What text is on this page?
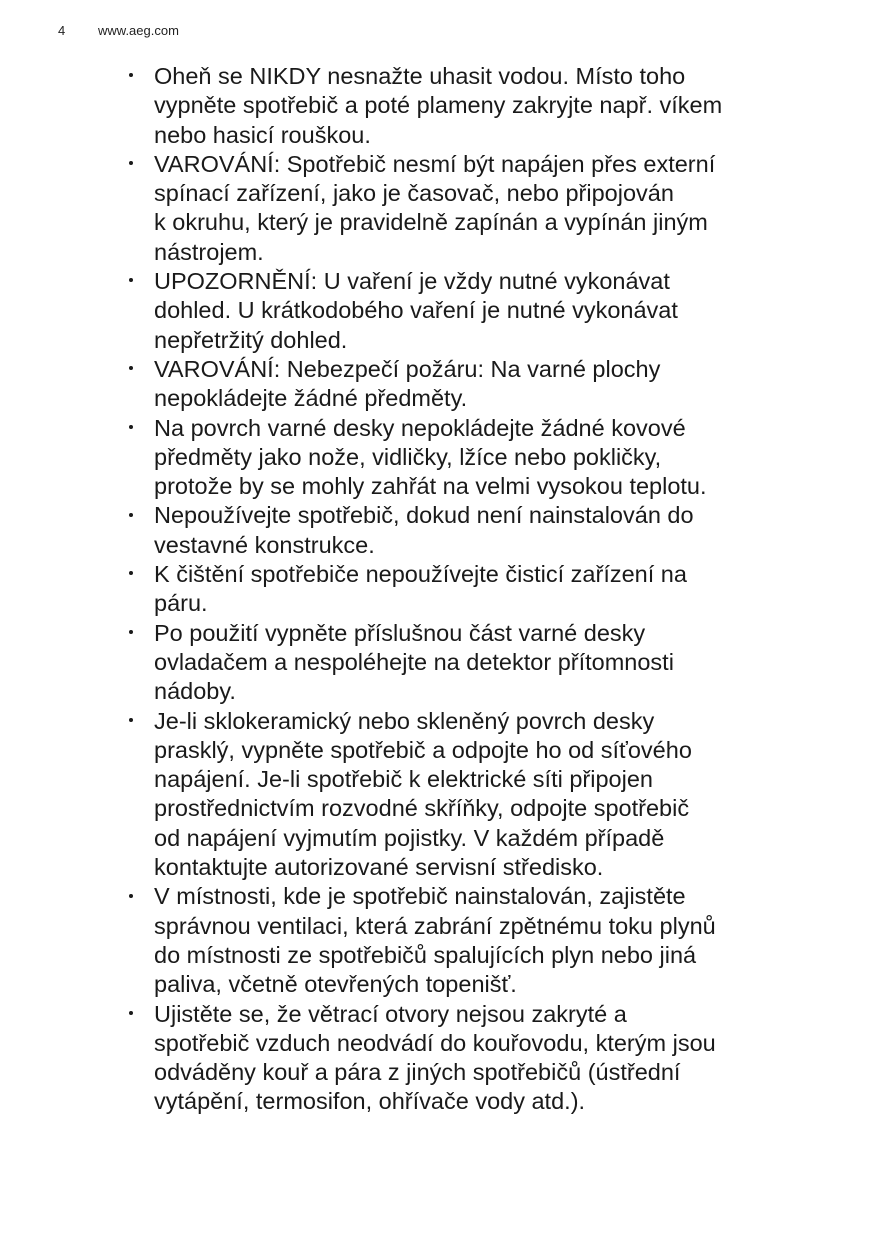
4	www.aeg.com
Oheň se NIKDY nesnažte uhasit vodou. Místo toho
vypněte spotřebič a poté plameny zakryjte např. víkem
nebo hasicí rouškou.
VAROVÁNÍ: Spotřebič nesmí být napájen přes externí
spínací zařízení, jako je časovač, nebo připojován
k okruhu, který je pravidelně zapínán a vypínán jiným
nástrojem.
UPOZORNĚNÍ: U vaření je vždy nutné vykonávat
dohled. U krátkodobého vaření je nutné vykonávat
nepřetržitý dohled.
VAROVÁNÍ: Nebezpečí požáru: Na varné plochy
nepokládejte žádné předměty.
Na povrch varné desky nepokládejte žádné kovové
předměty jako nože, vidličky, lžíce nebo pokličky,
protože by se mohly zahřát na velmi vysokou teplotu.
Nepoužívejte spotřebič, dokud není nainstalován do
vestavné konstrukce.
K čištění spotřebiče nepoužívejte čisticí zařízení na
páru.
Po použití vypněte příslušnou část varné desky
ovladačem a nespoléhejte na detektor přítomnosti
nádoby.
Je-li sklokeramický nebo skleněný povrch desky
prasklý, vypněte spotřebič a odpojte ho od síťového
napájení. Je-li spotřebič k elektrické síti připojen
prostřednictvím rozvodné skříňky, odpojte spotřebič
od napájení vyjmutím pojistky. V každém případě
kontaktujte autorizované servisní středisko.
V místnosti, kde je spotřebič nainstalován, zajistěte
správnou ventilaci, která zabrání zpětnému toku plynů
do místnosti ze spotřebičů spalujících plyn nebo jiná
paliva, včetně otevřených topenišť.
Ujistěte se, že větrací otvory nejsou zakryté a
spotřebič vzduch neodvádí do kouřovodu, kterým jsou
odváděny kouř a pára z jiných spotřebičů (ústřední
vytápění, termosifon, ohřívače vody atd.).
